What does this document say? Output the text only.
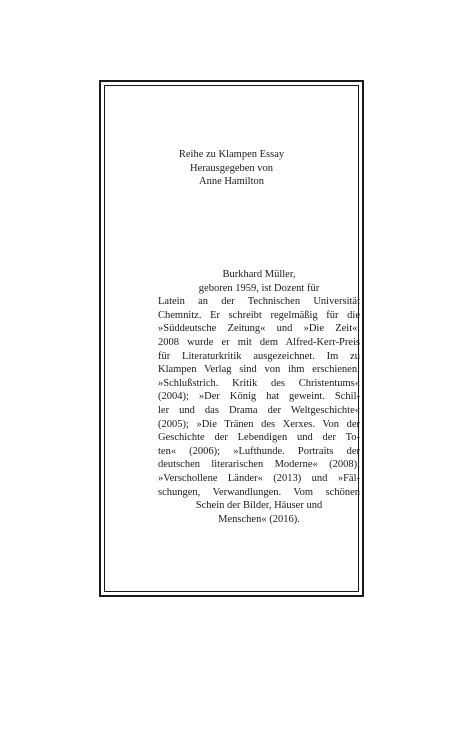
Reihe zu Klampen Essay
Herausgegeben von
Anne Hamilton
Burkhard Müller,
geboren 1959, ist Dozent für
Latein an der Technischen Universität
Chemnitz. Er schreibt regelmäßig für die
»Süddeutsche Zeitung« und »Die Zeit«.
2008 wurde er mit dem Alfred-Kerr-Preis
für Literaturkritik ausgezeichnet. Im zu
Klampen Verlag sind von ihm erschienen:
»Schlußstrich. Kritik des Christentums«
(2004); »Der König hat geweint. Schil-
ler und das Drama der Weltgeschichte«
(2005); »Die Tränen des Xerxes. Von der
Geschichte der Lebendigen und der To-
ten« (2006); »Lufthunde. Portraits der
deutschen literarischen Moderne« (2008);
»Verschollene Länder« (2013) und »Fäl-
schungen, Verwandlungen. Vom schönen
Schein der Bilder, Häuser und
Menschen« (2016).
